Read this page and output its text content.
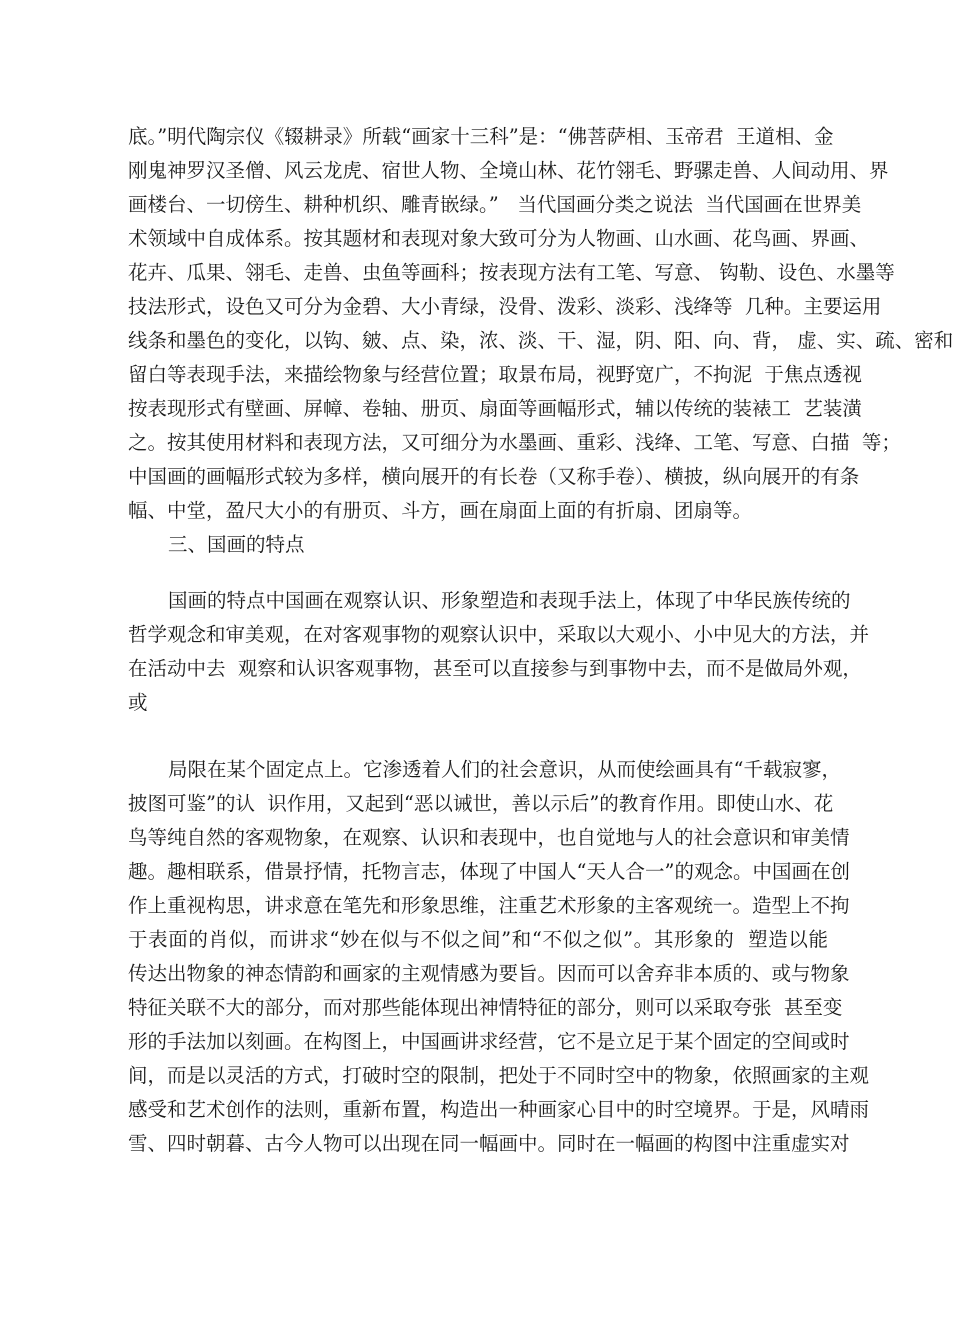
底。”明代陶宗仪《辍耕录》所载“画家十三科”是：“佛菩萨相、玉帝君  王道相、金
刚鬼神罗汉圣僧、风云龙虎、宿世人物、全境山林、花竹翎毛、野骡走兽、人间动用、界
画楼台、一切傍生、耕种机织、雕青嵌绿。”   当代国画分类之说法  当代国画在世界美
术领域中自成体系。按其题材和表现对象大致可分为人物画、山水画、花鸟画、界画、
花卉、瓜果、翎毛、走兽、虫鱼等画科；按表现方法有工笔、写意、 钩勒、设色、水墨等
技法形式，设色又可分为金碧、大小青绿，没骨、泼彩、淡彩、浅绛等  几种。主要运用
线条和墨色的变化，以钩、皴、点、染，浓、淡、干、湿，阴、阳、向、背， 虚、实、疏、密和
留白等表现手法，来描绘物象与经营位置；取景布局，视野宽广，不拘泥  于焦点透视
按表现形式有壁画、屏幛、卷轴、册页、扇面等画幅形式，辅以传统的装裱工  艺装潢
之。按其使用材料和表现方法，又可细分为水墨画、重彩、浅绛、工笔、写意、白描  等；
中国画的画幅形式较为多样，横向展开的有长卷（又称手卷）、横披，纵向展开的有条
幅、中堂，盈尺大小的有册页、斗方，画在扇面上面的有折扇、团扇等。
三、国画的特点
国画的特点中国画在观察认识、形象塑造和表现手法上，体现了中华民族传统的
哲学观念和审美观，在对客观事物的观察认识中，采取以大观小、小中见大的方法，并
在活动中去  观察和认识客观事物，甚至可以直接参与到事物中去，而不是做局外观，
或
局限在某个固定点上。它渗透着人们的社会意识，从而使绘画具有“千载寂寥，
披图可鉴”的认  识作用，又起到“恶以诫世，善以示后”的教育作用。即使山水、花
鸟等纯自然的客观物象，在观察、认识和表现中，也自觉地与人的社会意识和审美情
趣。趣相联系，借景抒情，托物言志，体现了中国人“天人合一”的观念。中国画在创
作上重视构思，讲求意在笔先和形象思维，注重艺术形象的主客观统一。造型上不拘
于表面的肖似，而讲求“妙在似与不似之间”和“不似之似”。其形象的  塑造以能
传达出物象的神态情韵和画家的主观情感为要旨。因而可以舍弃非本质的、或与物象
特征关联不大的部分，而对那些能体现出神情特征的部分，则可以采取夸张  甚至变
形的手法加以刻画。在构图上，中国画讲求经营，它不是立足于某个固定的空间或时
间，而是以灵活的方式，打破时空的限制，把处于不同时空中的物象，依照画家的主观
感受和艺术创作的法则，重新布置，构造出一种画家心目中的时空境界。于是，风晴雨
雪、四时朝暮、古今人物可以出现在同一幅画中。同时在一幅画的构图中注重虚实对
